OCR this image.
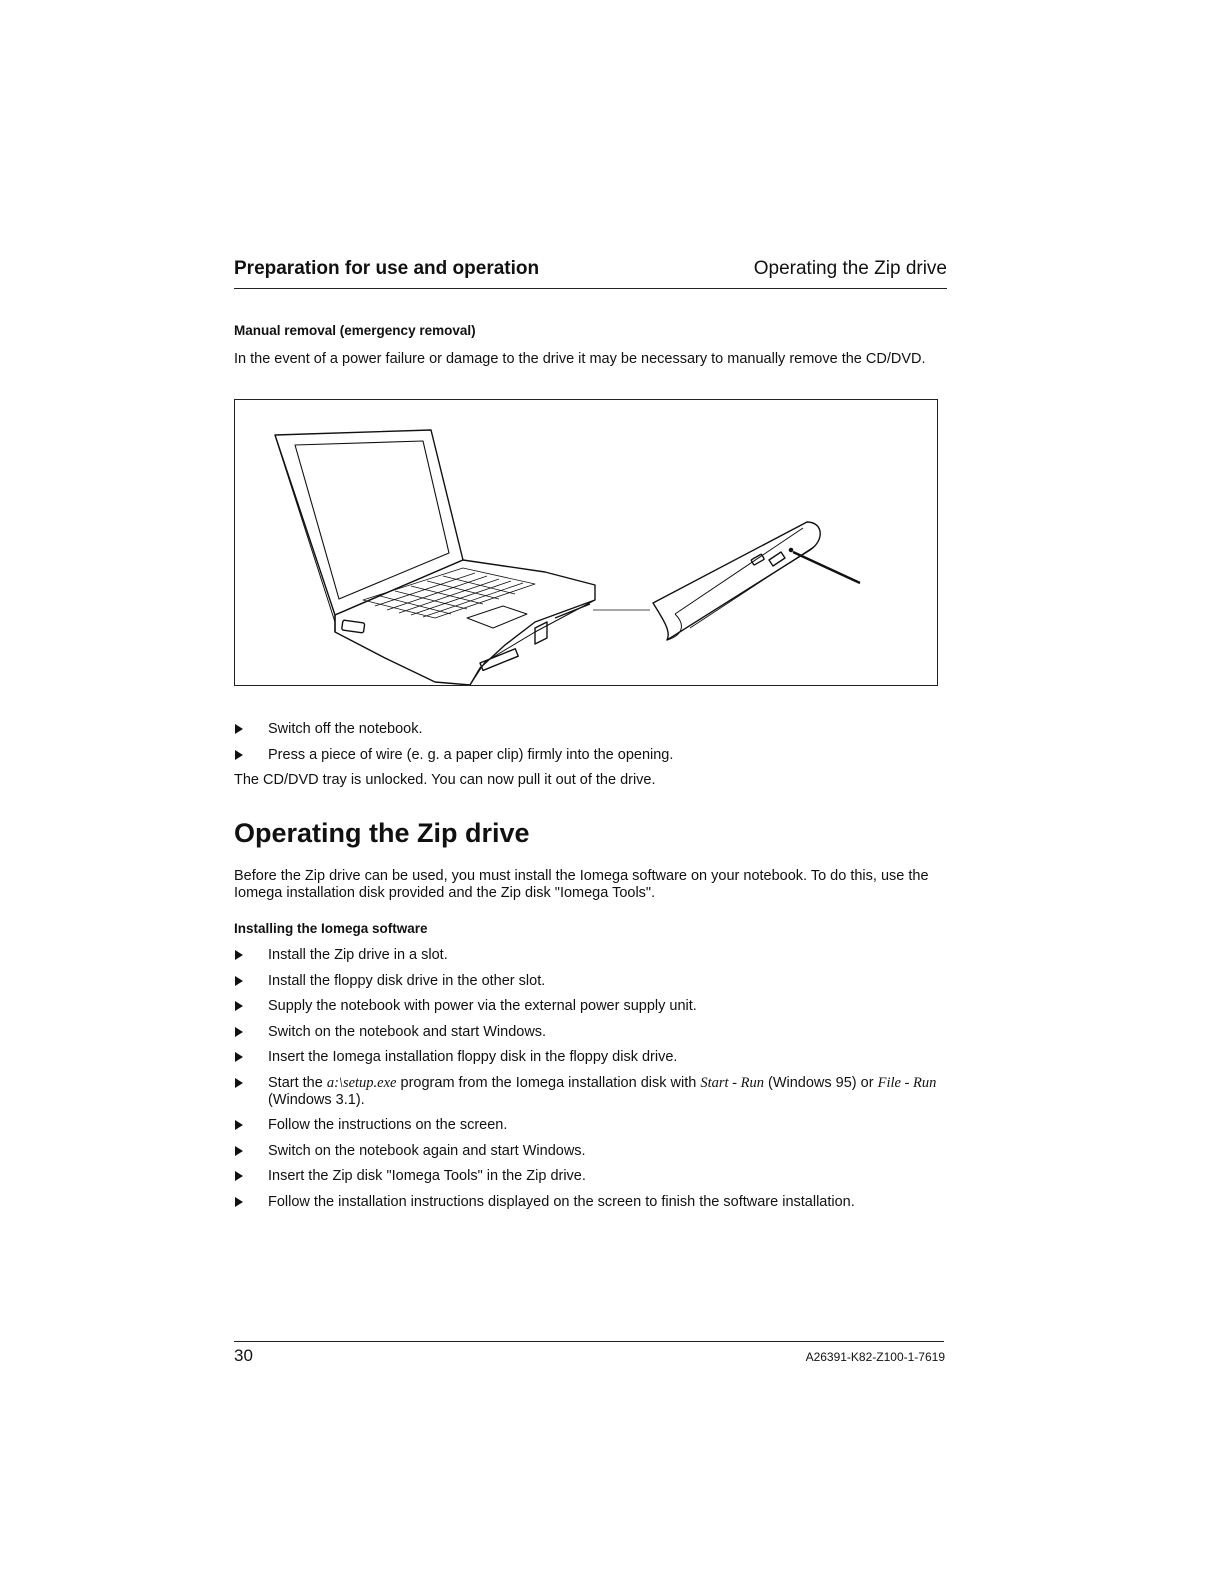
Preparation for use and operation	Operating the Zip drive
Manual removal (emergency removal)
In the event of a power failure or damage to the drive it may be necessary to manually remove the CD/DVD.
Switch off the notebook.
Press a piece of wire (e. g. a paper clip) firmly into the opening.
The CD/DVD tray is unlocked. You can now pull it out of the drive.
Operating the Zip drive
Before the Zip drive can be used, you must install the Iomega software on your notebook. To do this, use the Iomega installation disk provided and the Zip disk "Iomega Tools".
Installing the Iomega software
Install the Zip drive in a slot.
Install the floppy disk drive in the other slot.
Supply the notebook with power via the external power supply unit.
Switch on the notebook and start Windows.
Insert the Iomega installation floppy disk in the floppy disk drive.
Start the a:\setup.exe program from the Iomega installation disk with Start - Run (Windows 95) or File - Run (Windows 3.1).
Follow the instructions on the screen.
Switch on the notebook again and start Windows.
Insert the Zip disk "Iomega Tools" in the Zip drive.
Follow the installation instructions displayed on the screen to finish the software installation.
30	A26391-K82-Z100-1-7619
